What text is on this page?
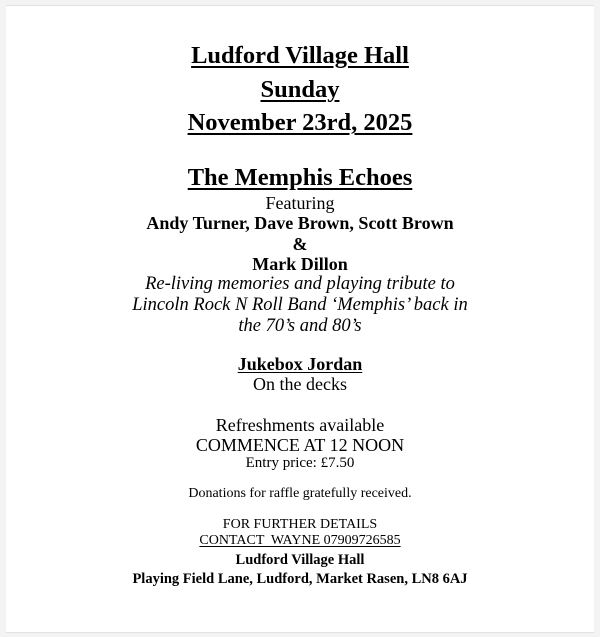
Ludford Village Hall
Sunday
November 23rd, 2025
The Memphis Echoes
Featuring
Andy Turner, Dave Brown, Scott Brown
&
Mark Dillon
Re-living memories and playing tribute to
Lincoln Rock N Roll Band ‘Memphis’ back in
the 70’s and 80’s
Jukebox Jordan
On the decks
Refreshments available
COMMENCE AT 12 NOON
Entry price: £7.50
Donations for raffle gratefully received.
FOR FURTHER DETAILS
CONTACT  WAYNE 07909726585
Ludford Village Hall
Playing Field Lane, Ludford, Market Rasen, LN8 6AJ
